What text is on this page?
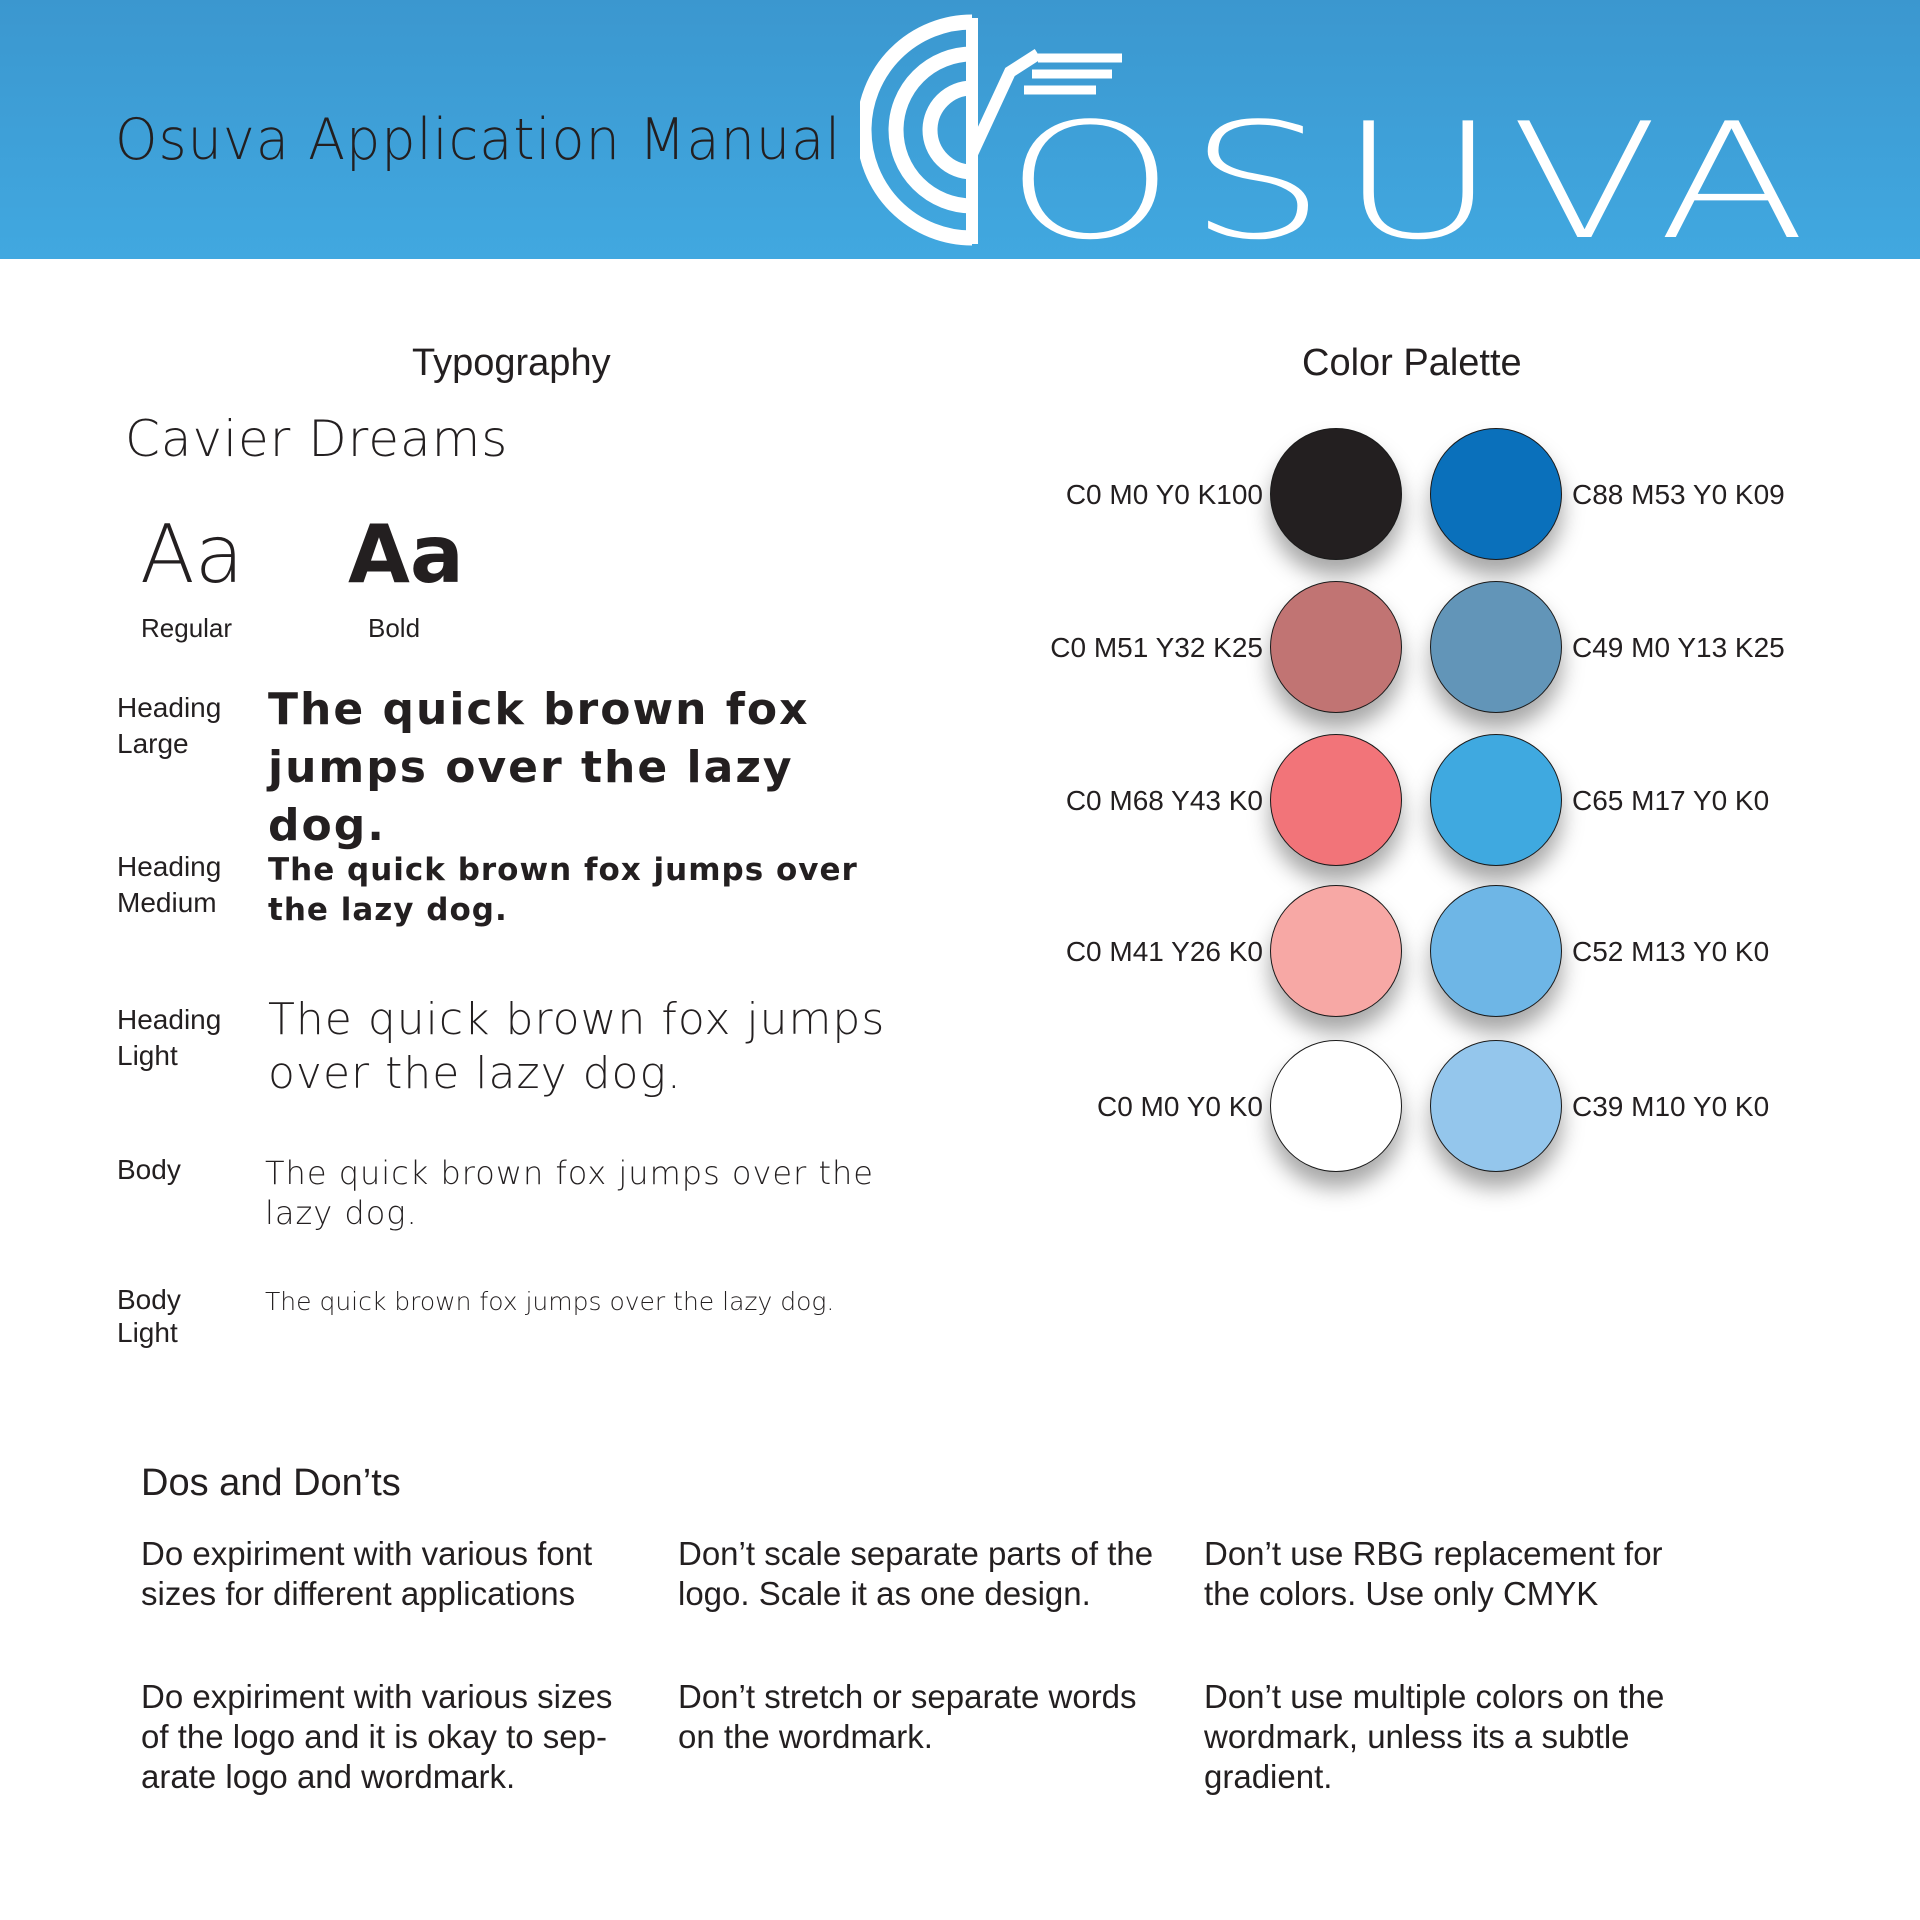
Osuva Application Manual OSUVA
Typography
Cavier Dreams
Aa Aa
Regular	Bold
Heading Large
The quick brown fox jumps over the lazy dog.
Heading Medium
The quick brown fox jumps over the lazy dog.
Heading Light
The quick brown fox jumps over the lazy dog.
Body	The quick brown fox jumps over the lazy dog.
Body Light
The quick brown fox jumps over the lazy dog.
Color Palette
C0 M0 Y0 K100
C0 M51 Y32 K25
C0 M68 Y43 K0
C0 M41 Y26 K0
C0 M0 Y0 K0
C88 M53 Y0 K09
C49 M0 Y13 K25
C65 M17 Y0 K0
C52 M13 Y0 K0
C39 M10 Y0 K0
Dos and Don’ts
Do expiriment with various font sizes for different applications
Do expiriment with various sizes of the logo and it is okay to sep-arate logo and wordmark.
Don’t scale separate parts of the logo. Scale it as one design.
Don’t stretch or separate words on the wordmark.
Don’t use RBG replacement for the colors. Use only CMYK
Don’t use multiple colors on the wordmark, unless its a subtle gradient.
